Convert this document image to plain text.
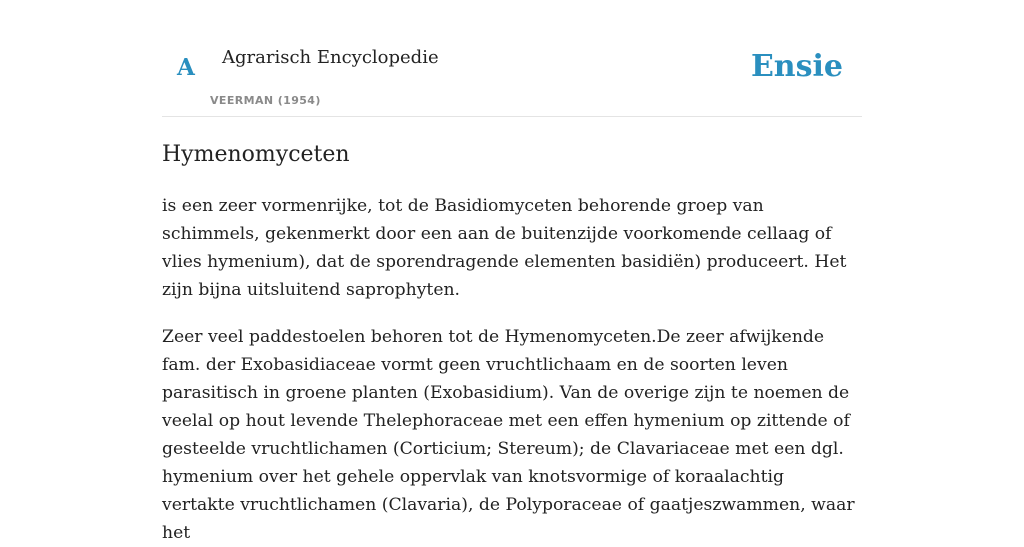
A Agrarisch Encyclopedie
VEERMAN (1954)
Ensie
Hymenomyceten

is een zeer vormenrijke, tot de Basidiomyceten behorende groep van schimmels, gekenmerkt door een aan de buitenzijde voorkomende cellaag of vlies hymenium), dat de sporendragende elementen basidiën) produceert. Het zijn bijna uitsluitend saprophyten.

Zeer veel paddestoelen behoren tot de Hymenomyceten.De zeer afwijkende fam. der Exobasidiaceae vormt geen vruchtlichaam en de soorten leven parasitisch in groene planten (Exobasidium). Van de overige zijn te noemen de veelal op hout levende Thelephoraceae met een effen hymenium op zittende of gesteelde vruchtlichamen (Corticium; Stereum); de Clavariaceae met een dgl. hymenium over het gehele oppervlak van knotsvormige of koraalachtig vertakte vruchtlichamen (Clavaria), de Polyporaceae of gaatjeszwammen, waar het
